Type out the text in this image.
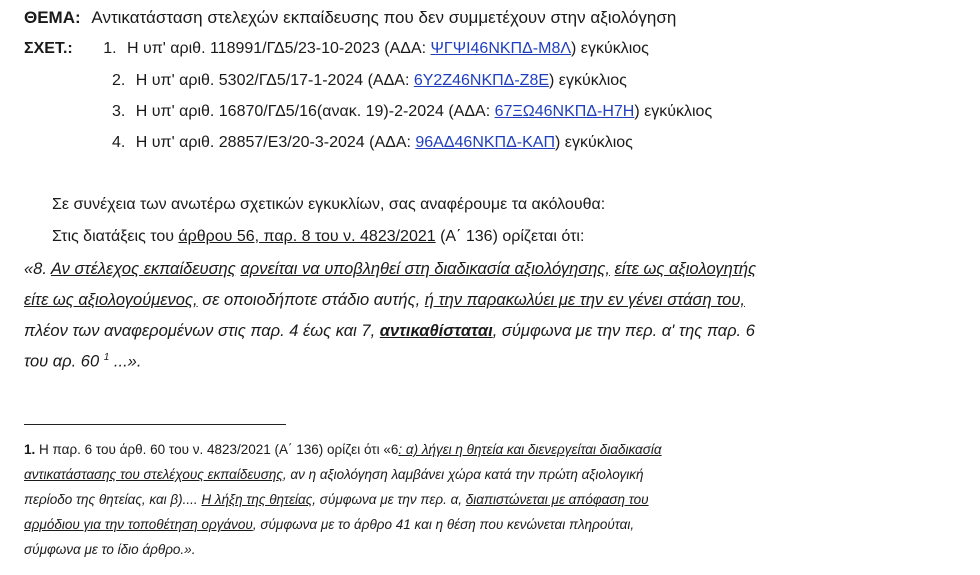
ΘΕΜΑ: Αντικατάσταση στελεχών εκπαίδευσης που δεν συμμετέχουν στην αξιολόγηση
ΣΧΕΤ.: 1. Η υπ' αριθ. 118991/ΓΔ5/23-10-2023 (ΑΔΑ: ΨΓΨΙ46ΝΚΠΔ-Μ8Λ) εγκύκλιος
2. Η υπ' αριθ. 5302/ΓΔ5/17-1-2024 (ΑΔΑ: 6Υ2Ζ46ΝΚΠΔ-Ζ8Ε) εγκύκλιος
3. Η υπ' αριθ. 16870/ΓΔ5/16(ανακ. 19)-2-2024 (ΑΔΑ: 67ΞΩ46ΝΚΠΔ-Η7Η) εγκύκλιος
4. Η υπ' αριθ. 28857/Ε3/20-3-2024 (ΑΔΑ: 96ΑΔ46ΝΚΠΔ-ΚΑΠ) εγκύκλιος
Σε συνέχεια των ανωτέρω σχετικών εγκυκλίων, σας αναφέρουμε τα ακόλουθα:
Στις διατάξεις του άρθρου 56, παρ. 8 του ν. 4823/2021 (Α΄ 136) ορίζεται ότι:
«8. Αν στέλεχος εκπαίδευσης αρνείται να υποβληθεί στη διαδικασία αξιολόγησης, είτε ως αξιολογητής
είτε ως αξιολογούμενος, σε οποιοδήποτε στάδιο αυτής, ή την παρακωλύει με την εν γένει στάση του,
πλέον των αναφερομένων στις παρ. 4 έως και 7, αντικαθίσταται, σύμφωνα με την περ. α' της παρ. 6
του αρ. 60 $^1$ ...».
1. Η παρ. 6 του άρθ. 60 του ν. 4823/2021 (Α΄ 136) ορίζει ότι «6: α) λήγει η θητεία και διενεργείται διαδικασία
αντικατάστασης του στελέχους εκπαίδευσης, αν η αξιολόγηση λαμβάνει χώρα κατά την πρώτη αξιολογική
περίοδο της θητείας, και β).... Η λήξη της θητείας, σύμφωνα με την περ. α, διαπιστώνεται με απόφαση του
αρμόδιου για την τοποθέτηση οργάνου, σύμφωνα με το άρθρο 41 και η θέση που κενώνεται πληρούται,
σύμφωνα με το ίδιο άρθρο.».
